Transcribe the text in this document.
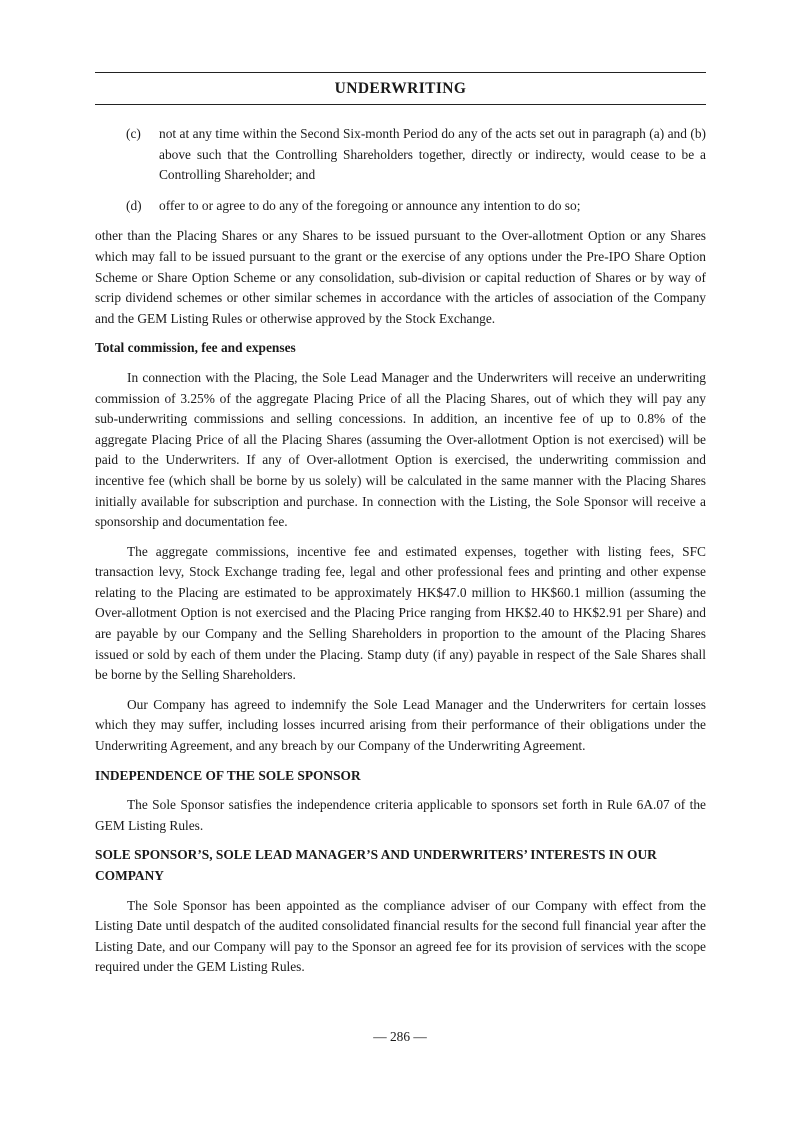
UNDERWRITING
(c)	not at any time within the Second Six-month Period do any of the acts set out in paragraph (a) and (b) above such that the Controlling Shareholders together, directly or indirecty, would cease to be a Controlling Shareholder; and

(d)	offer to or agree to do any of the foregoing or announce any intention to do so;

other than the Placing Shares or any Shares to be issued pursuant to the Over-allotment Option or any Shares which may fall to be issued pursuant to the grant or the exercise of any options under the Pre-IPO Share Option Scheme or Share Option Scheme or any consolidation, sub-division or capital reduction of Shares or by way of scrip dividend schemes or other similar schemes in accordance with the articles of association of the Company and the GEM Listing Rules or otherwise approved by the Stock Exchange.

Total commission, fee and expenses

In connection with the Placing, the Sole Lead Manager and the Underwriters will receive an underwriting commission of 3.25% of the aggregate Placing Price of all the Placing Shares, out of which they will pay any sub-underwriting commissions and selling concessions. In addition, an incentive fee of up to 0.8% of the aggregate Placing Price of all the Placing Shares (assuming the Over-allotment Option is not exercised) will be paid to the Underwriters. If any of Over-allotment Option is exercised, the underwriting commission and incentive fee (which shall be borne by us solely) will be calculated in the same manner with the Placing Shares initially available for subscription and purchase. In connection with the Listing, the Sole Sponsor will receive a sponsorship and documentation fee.

The aggregate commissions, incentive fee and estimated expenses, together with listing fees, SFC transaction levy, Stock Exchange trading fee, legal and other professional fees and printing and other expense relating to the Placing are estimated to be approximately HK$47.0 million to HK$60.1 million (assuming the Over-allotment Option is not exercised and the Placing Price ranging from HK$2.40 to HK$2.91 per Share) and are payable by our Company and the Selling Shareholders in proportion to the amount of the Placing Shares issued or sold by each of them under the Placing. Stamp duty (if any) payable in respect of the Sale Shares shall be borne by the Selling Shareholders.

Our Company has agreed to indemnify the Sole Lead Manager and the Underwriters for certain losses which they may suffer, including losses incurred arising from their performance of their obligations under the Underwriting Agreement, and any breach by our Company of the Underwriting Agreement.

INDEPENDENCE OF THE SOLE SPONSOR

The Sole Sponsor satisfies the independence criteria applicable to sponsors set forth in Rule 6A.07 of the GEM Listing Rules.

SOLE SPONSOR’S, SOLE LEAD MANAGER’S AND UNDERWRITERS’ INTERESTS IN OUR COMPANY

The Sole Sponsor has been appointed as the compliance adviser of our Company with effect from the Listing Date until despatch of the audited consolidated financial results for the second full financial year after the Listing Date, and our Company will pay to the Sponsor an agreed fee for its provision of services with the scope required under the GEM Listing Rules.

— 286 —
